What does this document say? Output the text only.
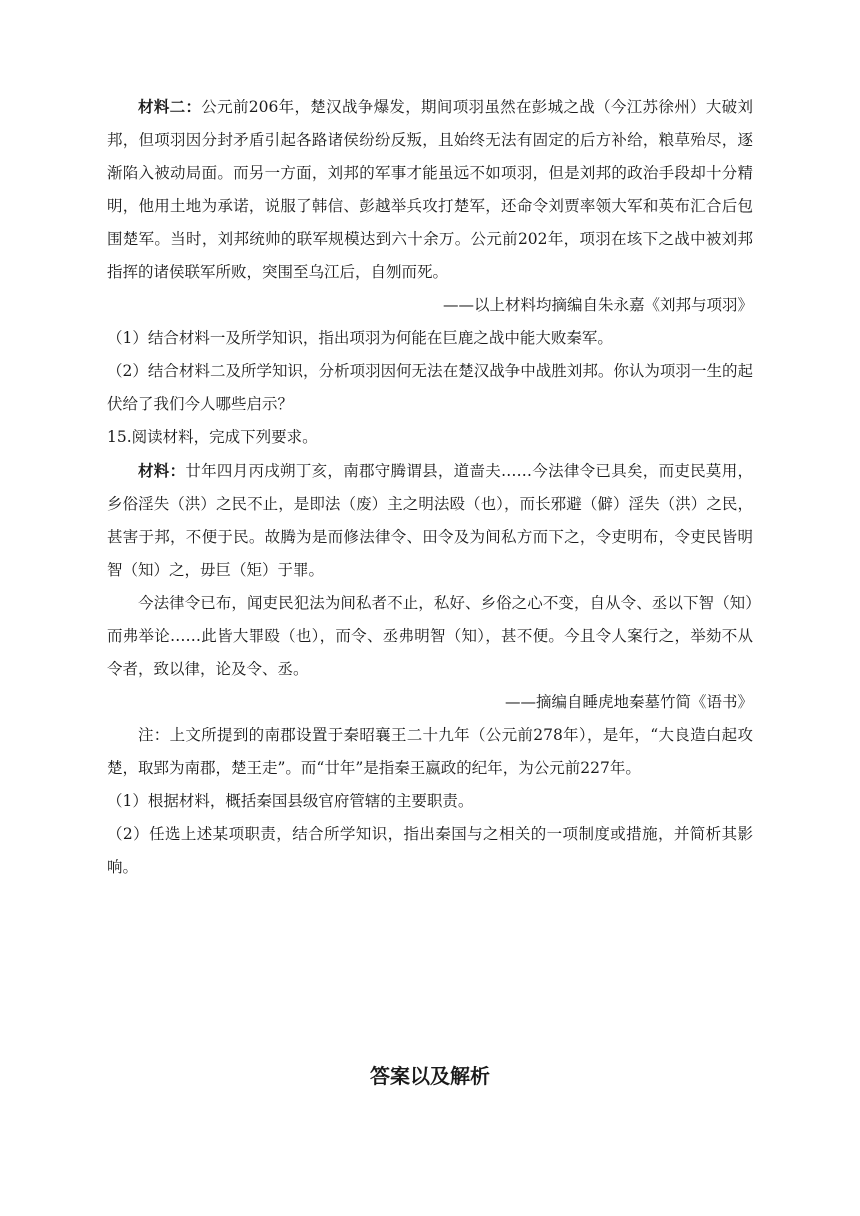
材料二：公元前206年，楚汉战争爆发，期间项羽虽然在彭城之战（今江苏徐州）大破刘邦，但项羽因分封矛盾引起各路诸侯纷纷反叛，且始终无法有固定的后方补给，粮草殆尽，逐渐陷入被动局面。而另一方面，刘邦的军事才能虽远不如项羽，但是刘邦的政治手段却十分精明，他用土地为承诺，说服了韩信、彭越举兵攻打楚军，还命令刘贾率领大军和英布汇合后包围楚军。当时，刘邦统帅的联军规模达到六十余万。公元前202年，项羽在垓下之战中被刘邦指挥的诸侯联军所败，突围至乌江后，自刎而死。

——以上材料均摘编自朱永嘉《刘邦与项羽》

（1）结合材料一及所学知识，指出项羽为何能在巨鹿之战中能大败秦军。

（2）结合材料二及所学知识，分析项羽因何无法在楚汉战争中战胜刘邦。你认为项羽一生的起伏给了我们今人哪些启示？

15.阅读材料，完成下列要求。

材料：廿年四月丙戌朔丁亥，南郡守腾谓县，道啬夫……今法律令已具矣，而吏民莫用，乡俗淫失（洪）之民不止，是即法（废）主之明法殴（也），而长邪避（僻）淫失（洪）之民，甚害于邦，不便于民。故腾为是而修法律令、田令及为间私方而下之，令吏明布，令吏民皆明智（知）之，毋巨（矩）于罪。

今法律令已布，闻吏民犯法为间私者不止，私好、乡俗之心不变，自从令、丞以下智（知）而弗举论……此皆大罪殴（也），而令、丞弗明智（知），甚不便。今且令人案行之，举劾不从令者，致以律，论及令、丞。

——摘编自睡虎地秦墓竹简《语书》

注：上文所提到的南郡设置于秦昭襄王二十九年（公元前278年），是年，“大良造白起攻楚，取郢为南郡，楚王走”。而“廿年”是指秦王嬴政的纪年，为公元前227年。

（1）根据材料，概括秦国县级官府管辖的主要职责。

（2）任选上述某项职责，结合所学知识，指出秦国与之相关的一项制度或措施，并简析其影响。

答案以及解析
